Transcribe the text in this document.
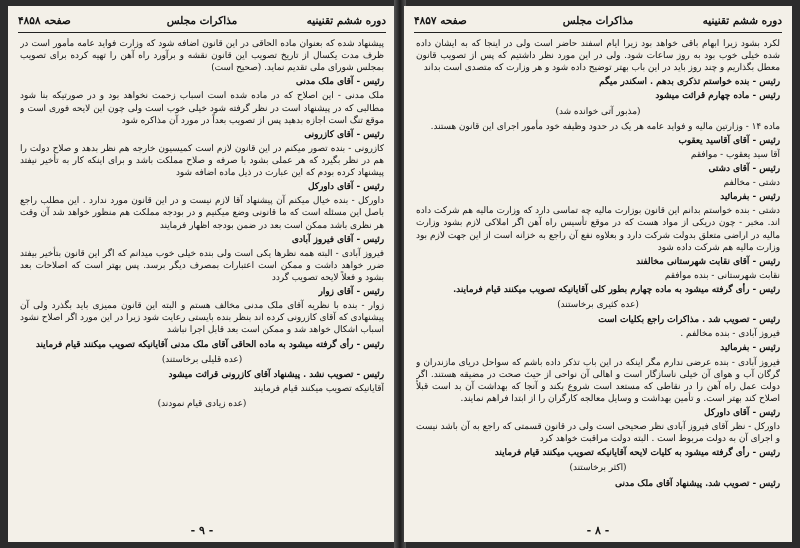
دوره ششم تقنینیه
مذاکرات مجلس
صفحه ۴۸۵۸

پیشنهاد شده که بعنوان ماده الحاقی در این قانون اضافه شود که وزارت فواید عامه مأمور است در ظرف مدت یکسال از تاریخ تصویب این قانون نقشه و برآورد راه آهن را تهیه کرده برای تصویب بمجلس شورای ملی تقدیم نماید. (صحیح است)

رئیس - آقای ملک مدنی

ملک مدنی - این اصلاح که در ماده شده است اسباب زحمت نخواهد بود و در صورتیکه بنا شود مطالبی که در پیشنهاد است در نظر گرفته شود خیلی خوب است ولی چون این لایحه فوری است و موقع تنگ است اجازه بدهید پس از تصویب بعداً در مورد آن مذاکره شود

رئیس - آقای کازرونی

کازرونی - بنده تصور میکنم در این قانون لازم است کمیسیون خارجه هم نظر بدهد و صلاح دولت را هم در نظر بگیرد که هر عملی بشود با صرفه و صلاح مملکت باشد و برای اینکه کار به تأخیر نیفتد پیشنهاد کرده بودم که این عبارت در ذیل ماده اضافه شود

رئیس - آقای داورکل

داورکل - بنده خیال میکنم آن پیشنهاد آقا لازم نیست و در این قانون مورد ندارد . این مطلب راجع باصل این مسئله است که ما قانونی وضع میکنیم و در بودجه مملکت هم منظور خواهد شد آن وقت هر نظری باشد ممکن است بعد در ضمن بودجه اظهار فرمایند

رئیس - آقای فیروز آبادی

فیروز آبادی - البته همه نظرها یکی است ولی بنده خیلی خوب میدانم که اگر این قانون بتأخیر بیفتد ضرر خواهد داشت و ممکن است اعتبارات بمصرف دیگر برسد. پس بهتر است که اصلاحات بعد بشود و فعلاً لایحه تصویب گردد

رئیس - آقای زوار

زوار - بنده با نظریه آقای ملک مدنی مخالف هستم و البته این قانون ممیزی باید بگذرد ولی آن پیشنهادی که آقای کازرونی کرده اند بنظر بنده بایستی رعایت شود زیرا در این مورد اگر اصلاح نشود اسباب اشکال خواهد شد و ممکن است بعد قابل اجرا نباشد

رئیس - رأی گرفته میشود به ماده الحاقی آقای ملک مدنی آقایانیکه تصویب میکنند قیام فرمایند

(عده قلیلی برخاستند)

رئیس - تصویب نشد . پیشنهاد آقای کازرونی قرائت میشود

آقایانیکه تصویب میکنند قیام فرمایند

(عده زیادی قیام نمودند)

- ۹ -
دوره ششم تقنینیه
مذاکرات مجلس
صفحه ۴۸۵۷

لکرد بشود زیرا ابهام باقی خواهد بود زیرا ایام اسفند حاضر است ولی در اینجا که به ایشان داده شده خیلی خوب بود به روز ساعات شود. ولی در این مورد نظر داشتیم که پس از تصویب قانون معطل بگذاریم و چند روز باید در این باب بهتر توضیح داده شود و هر وزارت که متصدی است بداند

رئیس - بنده خواستم تذکری بدهم . اسکندر میگم

رئیس - ماده چهارم قرائت میشود

(مذبور آتی خوانده شد)

ماده ۱۴ - وزارتین مالیه و فواید عامه هر یک در حدود وظیفه خود مأمور اجرای این قانون هستند.

رئیس - آقای آقاسید یعقوب

آقا سید یعقوب - موافقم

رئیس - آقای دشتی

دشتی - مخالفم

رئیس - بفرمائید

دشتی - بنده خواستم بدانم این قانون بوزارت مالیه چه تماسی دارد که وزارت مالیه هم شرکت داده اند. مخبر - چون دریکی از مواد هست که در موقع تأسیس راه آهن اگر املاکی لازم بشود وزارت مالیه در اراضی متعلق بدولت شرکت دارد و بعلاوه نفع آن راجع به خزانه است از این جهت لازم بود وزارت مالیه هم شرکت داده شود

رئیس - آقای نقابت شهرستانی مخالفند

نقابت شهرستانی - بنده موافقم

رئیس - رأی گرفته میشود به ماده چهارم بطور کلی آقایانیکه تصویب میکنند قیام فرمایند.

(عده کثیری برخاستند)

رئیس - تصویب شد . مذاکرات راجع بکلیات است

فیروز آبادی - بنده مخالفم .

رئیس - بفرمائید

فیروز آبادی - بنده عرضی ندارم مگر اینکه در این باب تذکر داده باشم که سواحل دریای مازندران و گرگان آب و هوای آن خیلی ناسازگار است و اهالی آن نواحی از حیث صحت در مضیقه هستند. اگر دولت عمل راه آهن را در نقاطی که مستعد است شروع بکند و آنجا که بهداشت آن بد است قبلاً اصلاح کند بهتر است. و تأمین بهداشت و وسایل معالجه کارگران را از ابتدا فراهم نمایند.

رئیس - آقای داورکل

داورکل - نظر آقای فیروز آبادی نظر صحیحی است ولی در قانون قسمتی که راجع به آن باشد نیست و اجرای آن به دولت مربوط است . البته دولت مراقبت خواهد کرد

رئیس - رأی گرفته میشود به کلیات لایحه آقایانیکه تصویب میکنند قیام فرمایند

(اکثر برخاستند)

رئیس - تصویب شد. پیشنهاد آقای ملک مدنی

- ۸ -
